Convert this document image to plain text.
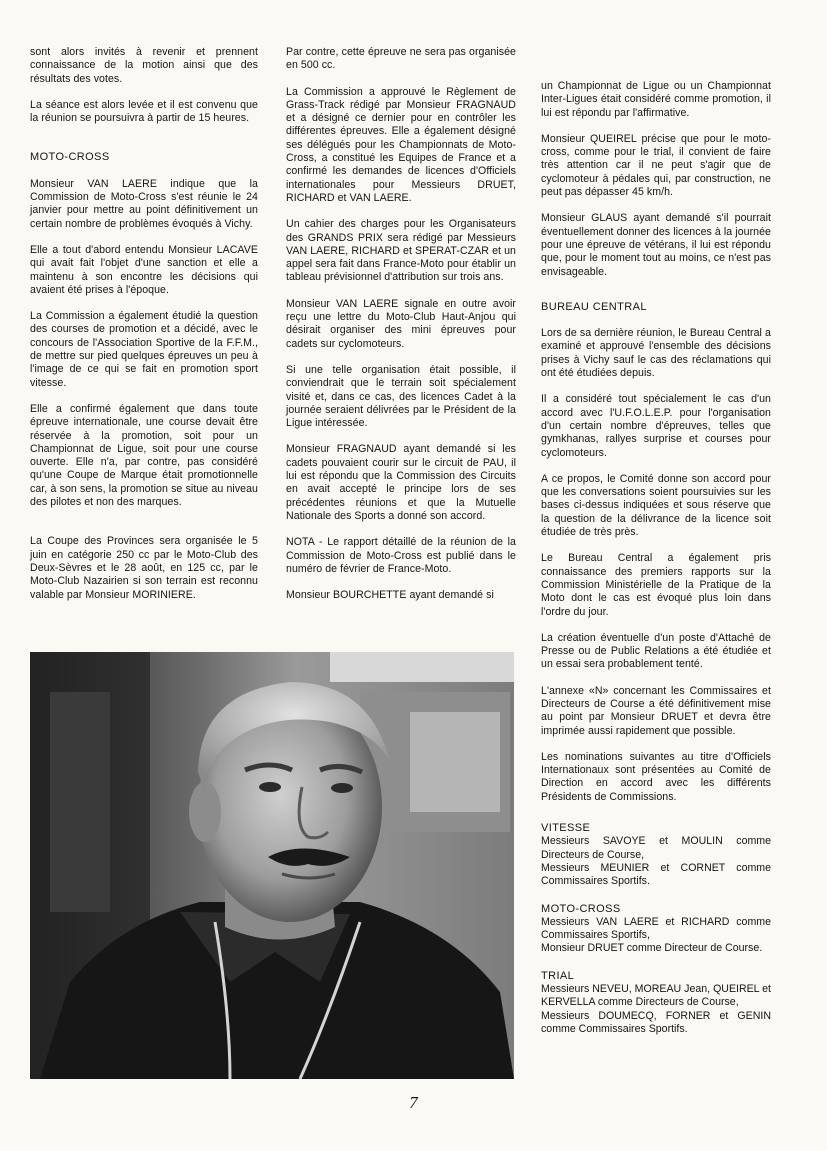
sont alors invités à revenir et prennent connaissance de la motion ainsi que des résultats des votes.

La séance est alors levée et il est convenu que la réunion se poursuivra à partir de 15 heures.

MOTO-CROSS

Monsieur VAN LAERE indique que la Commission de Moto-Cross s'est réunie le 24 janvier pour mettre au point définitivement un certain nombre de problèmes évoqués à Vichy.

Elle a tout d'abord entendu Monsieur LACAVE qui avait fait l'objet d'une sanction et elle a maintenu à son encontre les décisions qui avaient été prises à l'époque.

La Commission a également étudié la question des courses de promotion et a décidé, avec le concours de l'Association Sportive de la F.F.M., de mettre sur pied quelques épreuves un peu à l'image de ce qui se fait en promotion sport vitesse.

Elle a confirmé également que dans toute épreuve internationale, une course devait être réservée à la promotion, soit pour un Championnat de Ligue, soit pour une course ouverte. Elle n'a, par contre, pas considéré qu'une Coupe de Marque était promotionnelle car, à son sens, la promotion se situe au niveau des pilotes et non des marques.

La Coupe des Provinces sera organisée le 5 juin en catégorie 250 cc par le Moto-Club des Deux-Sèvres et le 28 août, en 125 cc, par le Moto-Club Nazairien si son terrain est reconnu valable par Monsieur MORINIERE.

Par contre, cette épreuve ne sera pas organisée en 500 cc.

La Commission a approuvé le Règlement de Grass-Track rédigé par Monsieur FRAGNAUD et a désigné ce dernier pour en contrôler les différentes épreuves. Elle a également désigné ses délégués pour les Championnats de Moto-Cross, a constitué les Equipes de France et a confirmé les demandes de licences d'Officiels internationales pour Messieurs DRUET, RICHARD et VAN LAERE.

Un cahier des charges pour les Organisateurs des GRANDS PRIX sera rédigé par Messieurs VAN LAERE, RICHARD et SPERAT-CZAR et un appel sera fait dans France-Moto pour établir un tableau prévisionnel d'attribution sur trois ans.

Monsieur VAN LAERE signale en outre avoir reçu une lettre du Moto-Club Haut-Anjou qui désirait organiser des mini épreuves pour cadets sur cyclomoteurs.

Si une telle organisation était possible, il conviendrait que le terrain soit spécialement visité et, dans ce cas, des licences Cadet à la journée seraient délivrées par le Président de la Ligue intéressée.

Monsieur FRAGNAUD ayant demandé si les cadets pouvaient courir sur le circuit de PAU, il lui est répondu que la Commission des Circuits en avait accepté le principe lors de ses précédentes réunions et que la Mutuelle Nationale des Sports a donné son accord.

NOTA - Le rapport détaillé de la réunion de la Commission de Moto-Cross est publié dans le numéro de février de France-Moto.

Monsieur BOURCHETTE ayant demandé si

un Championnat de Ligue ou un Championnat Inter-Ligues était considéré comme promotion, il lui est répondu par l'affirmative.

Monsieur QUEIREL précise que pour le moto-cross, comme pour le trial, il convient de faire très attention car il ne peut s'agir que de cyclomoteur à pédales qui, par construction, ne peut pas dépasser 45 km/h.

Monsieur GLAUS ayant demandé s'il pourrait éventuellement donner des licences à la journée pour une épreuve de vétérans, il lui est répondu que, pour le moment tout au moins, ce n'est pas envisageable.

BUREAU CENTRAL

Lors de sa dernière réunion, le Bureau Central a examiné et approuvé l'ensemble des décisions prises à Vichy sauf le cas des réclamations qui ont été étudiées depuis.

Il a considéré tout spécialement le cas d'un accord avec l'U.F.O.L.E.P. pour l'organisation d'un certain nombre d'épreuves, telles que gymkhanas, rallyes surprise et courses pour cyclomoteurs.

A ce propos, le Comité donne son accord pour que les conversations soient poursuivies sur les bases ci-dessus indiquées et sous réserve que la question de la délivrance de la licence soit étudiée de très près.

Le Bureau Central a également pris connaissance des premiers rapports sur la Commission Ministérielle de la Pratique de la Moto dont le cas est évoqué plus loin dans l'ordre du jour.

La création éventuelle d'un poste d'Attaché de Presse ou de Public Relations a été étudiée et un essai sera probablement tenté.

L'annexe «N» concernant les Commissaires et Directeurs de Course a été définitivement mise au point par Monsieur DRUET et devra être imprimée aussi rapidement que possible.

Les nominations suivantes au titre d'Officiels Internationaux sont présentées au Comité de Direction en accord avec les différents Présidents de Commissions.

VITESSE

Messieurs SAVOYE et MOULIN comme Directeurs de Course,

Messieurs MEUNIER et CORNET comme Commissaires Sportifs.

MOTO-CROSS

Messieurs VAN LAERE et RICHARD comme Commissaires Sportifs,

Monsieur DRUET comme Directeur de Course.

TRIAL

Messieurs NEVEU, MOREAU Jean, QUEIREL et KERVELLA comme Directeurs de Course,

Messieurs DOUMECQ, FORNER et GENIN comme Commissaires Sportifs.

7
